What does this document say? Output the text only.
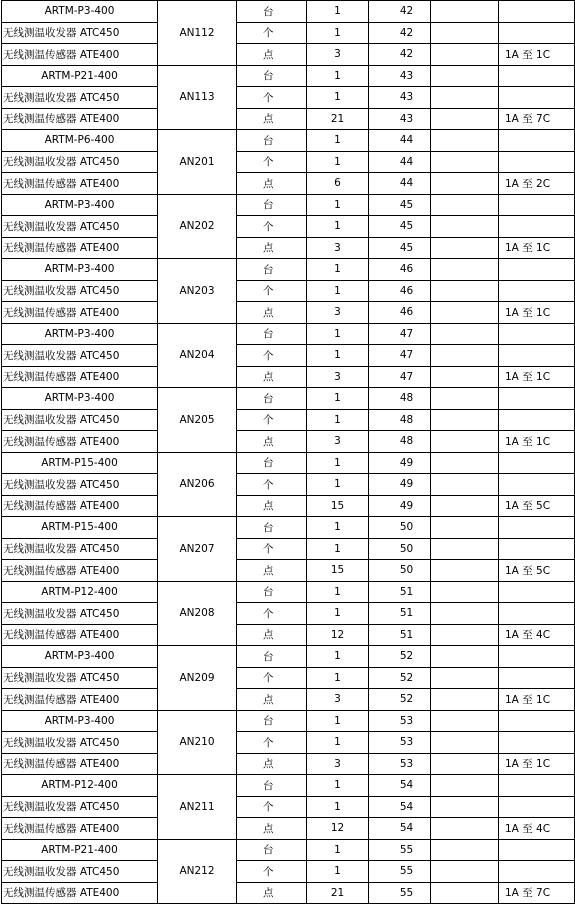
ARTM-P3-400	AN112	台	1	42		
无线测温收发器 ATC450		个	1	42		
无线测温传感器 ATE400		点	3	42		1A 至 1C
ARTM-P21-400	AN113	台	1	43		
无线测温收发器 ATC450		个	1	43		
无线测温传感器 ATE400		点	21	43		1A 至 7C
ARTM-P6-400	AN201	台	1	44		
无线测温收发器 ATC450		个	1	44		
无线测温传感器 ATE400		点	6	44		1A 至 2C
ARTM-P3-400	AN202	台	1	45		
无线测温收发器 ATC450		个	1	45		
无线测温传感器 ATE400		点	3	45		1A 至 1C
ARTM-P3-400	AN203	台	1	46		
无线测温收发器 ATC450		个	1	46		
无线测温传感器 ATE400		点	3	46		1A 至 1C
ARTM-P3-400	AN204	台	1	47		
无线测温收发器 ATC450		个	1	47		
无线测温传感器 ATE400		点	3	47		1A 至 1C
ARTM-P3-400	AN205	台	1	48		
无线测温收发器 ATC450		个	1	48		
无线测温传感器 ATE400		点	3	48		1A 至 1C
ARTM-P15-400	AN206	台	1	49		
无线测温收发器 ATC450		个	1	49		
无线测温传感器 ATE400		点	15	49		1A 至 5C
ARTM-P15-400	AN207	台	1	50		
无线测温收发器 ATC450		个	1	50		
无线测温传感器 ATE400		点	15	50		1A 至 5C
ARTM-P12-400	AN208	台	1	51		
无线测温收发器 ATC450		个	1	51		
无线测温传感器 ATE400		点	12	51		1A 至 4C
ARTM-P3-400	AN209	台	1	52		
无线测温收发器 ATC450		个	1	52		
无线测温传感器 ATE400		点	3	52		1A 至 1C
ARTM-P3-400	AN210	台	1	53		
无线测温收发器 ATC450		个	1	53		
无线测温传感器 ATE400		点	3	53		1A 至 1C
ARTM-P12-400	AN211	台	1	54		
无线测温收发器 ATC450		个	1	54		
无线测温传感器 ATE400		点	12	54		1A 至 4C
ARTM-P21-400	AN212	台	1	55		
无线测温收发器 ATC450		个	1	55		
无线测温传感器 ATE400		点	21	55		1A 至 7C
